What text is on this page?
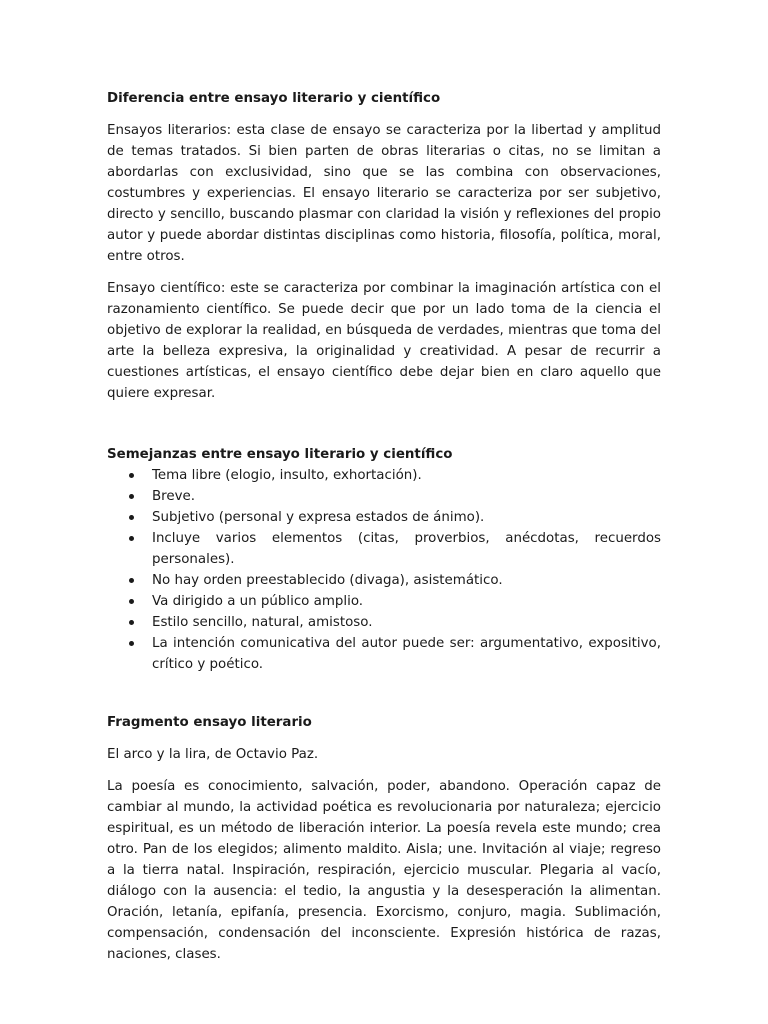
Diferencia entre ensayo literario y científico

Ensayos literarios: esta clase de ensayo se caracteriza por la libertad y amplitud de temas tratados. Si bien parten de obras literarias o citas, no se limitan a abordarlas con exclusividad, sino que se las combina con observaciones, costumbres y experiencias. El ensayo literario se caracteriza por ser subjetivo, directo y sencillo, buscando plasmar con claridad la visión y reflexiones del propio autor y puede abordar distintas disciplinas como historia, filosofía, política, moral, entre otros.

Ensayo científico: este se caracteriza por combinar la imaginación artística con el razonamiento científico. Se puede decir que por un lado toma de la ciencia el objetivo de explorar la realidad, en búsqueda de verdades, mientras que toma del arte la belleza expresiva, la originalidad y creatividad. A pesar de recurrir a cuestiones artísticas, el ensayo científico debe dejar bien en claro aquello que quiere expresar.

Semejanzas entre ensayo literario y científico

Tema libre (elogio, insulto, exhortación).
Breve.
Subjetivo (personal y expresa estados de ánimo).
Incluye varios elementos (citas, proverbios, anécdotas, recuerdos personales).
No hay orden preestablecido (divaga), asistemático.
Va dirigido a un público amplio.
Estilo sencillo, natural, amistoso.
La intención comunicativa del autor puede ser: argumentativo, expositivo, crítico y poético.

Fragmento ensayo literario

El arco y la lira, de Octavio Paz.

La poesía es conocimiento, salvación, poder, abandono. Operación capaz de cambiar al mundo, la actividad poética es revolucionaria por naturaleza; ejercicio espiritual, es un método de liberación interior. La poesía revela este mundo; crea otro. Pan de los elegidos; alimento maldito. Aisla; une. Invitación al viaje; regreso a la tierra natal. Inspiración, respiración, ejercicio muscular. Plegaria al vacío, diálogo con la ausencia: el tedio, la angustia y la desesperación la alimentan. Oración, letanía, epifanía, presencia. Exorcismo, conjuro, magia. Sublimación, compensación, condensación del inconsciente. Expresión histórica de razas, naciones, clases.
